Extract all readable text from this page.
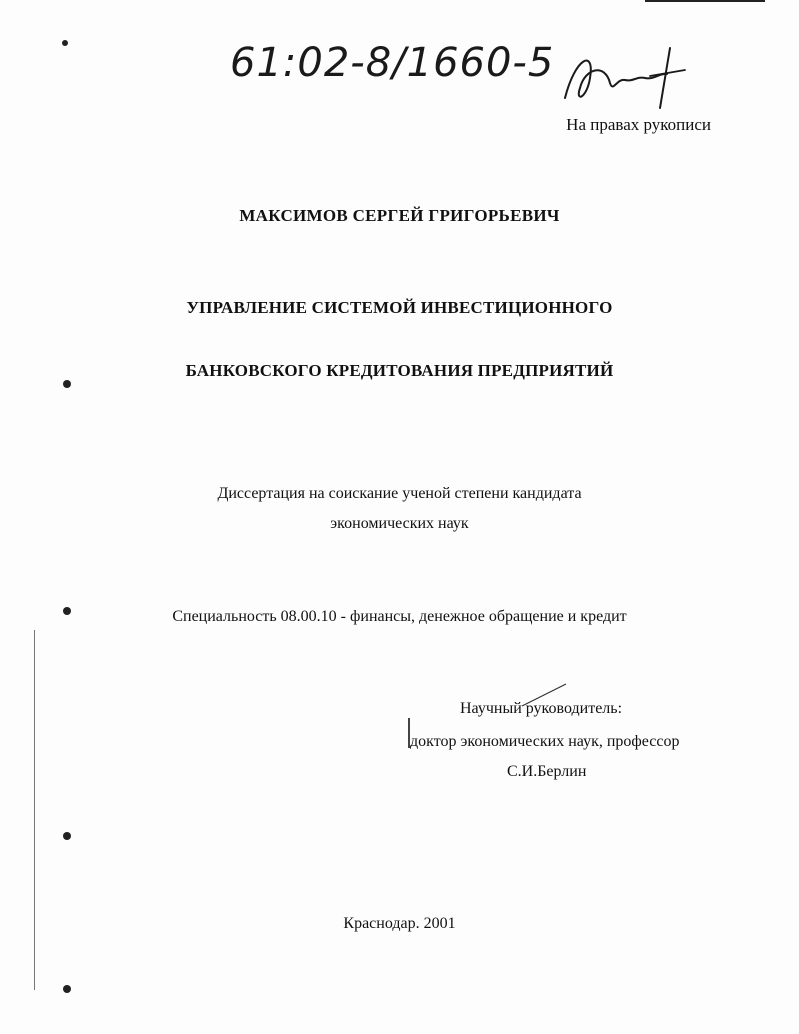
61:02-8/1660-5
На правах рукописи
МАКСИМОВ СЕРГЕЙ ГРИГОРЬЕВИЧ
УПРАВЛЕНИЕ СИСТЕМОЙ ИНВЕСТИЦИОННОГО
БАНКОВСКОГО КРЕДИТОВАНИЯ ПРЕДПРИЯТИЙ
Диссертация на соискание ученой степени кандидата
экономических наук
Специальность 08.00.10 - финансы, денежное обращение и кредит
Научный руководитель:
доктор экономических наук, профессор
С.И.Берлин
Краснодар. 2001
